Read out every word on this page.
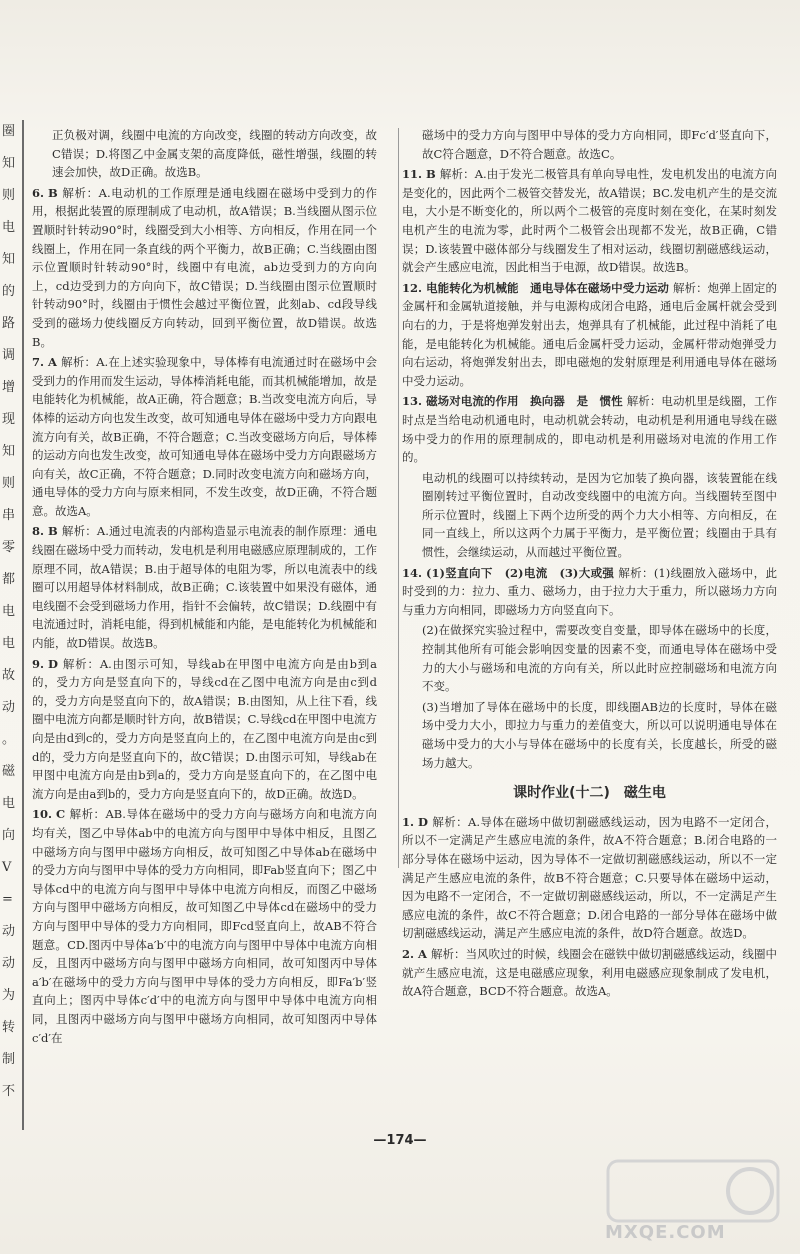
圈
知
则
电
知
的
路
调
增
现
知
则
串
零
都
电
电
故
动
。
磁
电
向
V
=
动
动
为
转
制
不
正负极对调，线圈中电流的方向改变，线圈的转动方向改变，故C错误；D.将图乙中金属支架的高度降低，磁性增强，线圈的转速会加快，故D正确。故选B。
6. B 解析：A.电动机的工作原理是通电线圈在磁场中受到力的作用，根据此装置的原理制成了电动机，故A错误；B.当线圈从图示位置顺时针转动90°时，线圈受到大小相等、方向相反，作用在同一个线圈上，作用在同一条直线的两个平衡力，故B正确；C.当线圈由图示位置顺时针转动90°时，线圈中有电流，ab边受到力的方向向上，cd边受到力的方向向下，故C错误；D.当线圈由图示位置顺时针转动90°时，线圈由于惯性会越过平衡位置，此刻ab、cd段导线受到的磁场力使线圈反方向转动，回到平衡位置，故D错误。故选B。
7. A 解析：A.在上述实验现象中，导体棒有电流通过时在磁场中会受到力的作用而发生运动，导体棒消耗电能，而其机械能增加，故是电能转化为机械能，故A正确，符合题意；B.当改变电流方向后，导体棒的运动方向也发生改变，故可知通电导体在磁场中受力方向跟电流方向有关，故B正确，不符合题意；C.当改变磁场方向后，导体棒的运动方向也发生改变，故可知通电导体在磁场中受力方向跟磁场方向有关，故C正确，不符合题意；D.同时改变电流方向和磁场方向，通电导体的受力方向与原来相同，不发生改变，故D正确，不符合题意。故选A。
8. B 解析：A.通过电流表的内部构造显示电流表的制作原理：通电线圈在磁场中受力而转动，发电机是利用电磁感应原理制成的，工作原理不同，故A错误；B.由于超导体的电阻为零，所以电流表中的线圈可以用超导体材料制成，故B正确；C.该装置中如果没有磁体，通电线圈不会受到磁场力作用，指针不会偏转，故C错误；D.线圈中有电流通过时，消耗电能，得到机械能和内能，是电能转化为机械能和内能，故D错误。故选B。
9. D 解析：A.由图示可知，导线ab在甲图中电流方向是由b到a的，受力方向是竖直向下的，导线cd在乙图中电流方向是由c到d的，受力方向是竖直向下的，故A错误；B.由图知，从上往下看，线圈中电流方向都是顺时针方向，故B错误；C.导线cd在甲图中电流方向是由d到c的，受力方向是竖直向上的，在乙图中电流方向是由c到d的，受力方向是竖直向下的，故C错误；D.由图示可知，导线ab在甲图中电流方向是由b到a的，受力方向是竖直向下的，在乙图中电流方向是由a到b的，受力方向是竖直向下的，故D正确。故选D。
10. C 解析：AB.导体在磁场中的受力方向与磁场方向和电流方向均有关，图乙中导体ab中的电流方向与图甲中导体中相反，且图乙中磁场方向与图甲中磁场方向相反，故可知图乙中导体ab在磁场中的受力方向与图甲中导体的受力方向相同，即Fab竖直向下；图乙中导体cd中的电流方向与图甲中导体中电流方向相反，而图乙中磁场方向与图甲中磁场方向相反，故可知图乙中导体cd在磁场中的受力方向与图甲中导体的受力方向相同，即Fcd竖直向上，故AB不符合题意。CD.图丙中导体a′b′中的电流方向与图甲中导体中电流方向相反，且图丙中磁场方向与图甲中磁场方向相同，故可知图丙中导体a′b′在磁场中的受力方向与图甲中导体的受力方向相反，即Fa′b′竖直向上；图丙中导体c′d′中的电流方向与图甲中导体中电流方向相同，且图丙中磁场方向与图甲中磁场方向相同，故可知图丙中导体c′d′在
磁场中的受力方向与图甲中导体的受力方向相同，即Fc′d′竖直向下，故C符合题意，D不符合题意。故选C。
11. B 解析：A.由于发光二极管具有单向导电性，发电机发出的电流方向是变化的，因此两个二极管交替发光，故A错误；BC.发电机产生的是交流电，大小是不断变化的，所以两个二极管的亮度时刻在变化，在某时刻发电机产生的电流为零，此时两个二极管会出现都不发光，故B正确，C错误；D.该装置中磁体部分与线圈发生了相对运动，线圈切割磁感线运动，就会产生感应电流，因此相当于电源，故D错误。故选B。
12. 电能转化为机械能　通电导体在磁场中受力运动 解析：炮弹上固定的金属杆和金属轨道接触，并与电源构成闭合电路，通电后金属杆就会受到向右的力，于是将炮弹发射出去，炮弹具有了机械能，此过程中消耗了电能，是电能转化为机械能。通电后金属杆受力运动，金属杆带动炮弹受力向右运动，将炮弹发射出去，即电磁炮的发射原理是利用通电导体在磁场中受力运动。
13. 磁场对电流的作用　换向器　是　惯性 解析：电动机里是线圈，工作时点是当给电动机通电时，电动机就会转动，电动机是利用通电导线在磁场中受力的作用的原理制成的，即电动机是利用磁场对电流的作用工作的。
电动机的线圈可以持续转动，是因为它加装了换向器，该装置能在线圈刚转过平衡位置时，自动改变线圈中的电流方向。当线圈转至图中所示位置时，线圈上下两个边所受的两个力大小相等、方向相反，在同一直线上，所以这两个力属于平衡力，是平衡位置；线圈由于具有惯性，会继续运动，从而越过平衡位置。
14. (1)竖直向下　(2)电流　(3)大或强 解析：(1)线圈放入磁场中，此时受到的力：拉力、重力、磁场力，由于拉力大于重力，所以磁场力方向与重力方向相同，即磁场力方向竖直向下。
(2)在做探究实验过程中，需要改变自变量，即导体在磁场中的长度，控制其他所有可能会影响因变量的因素不变，而通电导体在磁场中受力的大小与磁场和电流的方向有关，所以此时应控制磁场和电流方向不变。
(3)当增加了导体在磁场中的长度，即线圈AB边的长度时，导体在磁场中受力大小，即拉力与重力的差值变大，所以可以说明通电导体在磁场中受力的大小与导体在磁场中的长度有关，长度越长，所受的磁场力越大。
课时作业(十二)　磁生电
1. D 解析：A.导体在磁场中做切割磁感线运动，因为电路不一定闭合，所以不一定满足产生感应电流的条件，故A不符合题意；B.闭合电路的一部分导体在磁场中运动，因为导体不一定做切割磁感线运动，所以不一定满足产生感应电流的条件，故B不符合题意；C.只要导体在磁场中运动，因为电路不一定闭合，不一定做切割磁感线运动，所以，不一定满足产生感应电流的条件，故C不符合题意；D.闭合电路的一部分导体在磁场中做切割磁感线运动，满足产生感应电流的条件，故D符合题意。故选D。
2. A 解析：当风吹过的时候，线圈会在磁铁中做切割磁感线运动，线圈中就产生感应电流，这是电磁感应现象，利用电磁感应现象制成了发电机，故A符合题意，BCD不符合题意。故选A。
—174—
MXQE.COM
